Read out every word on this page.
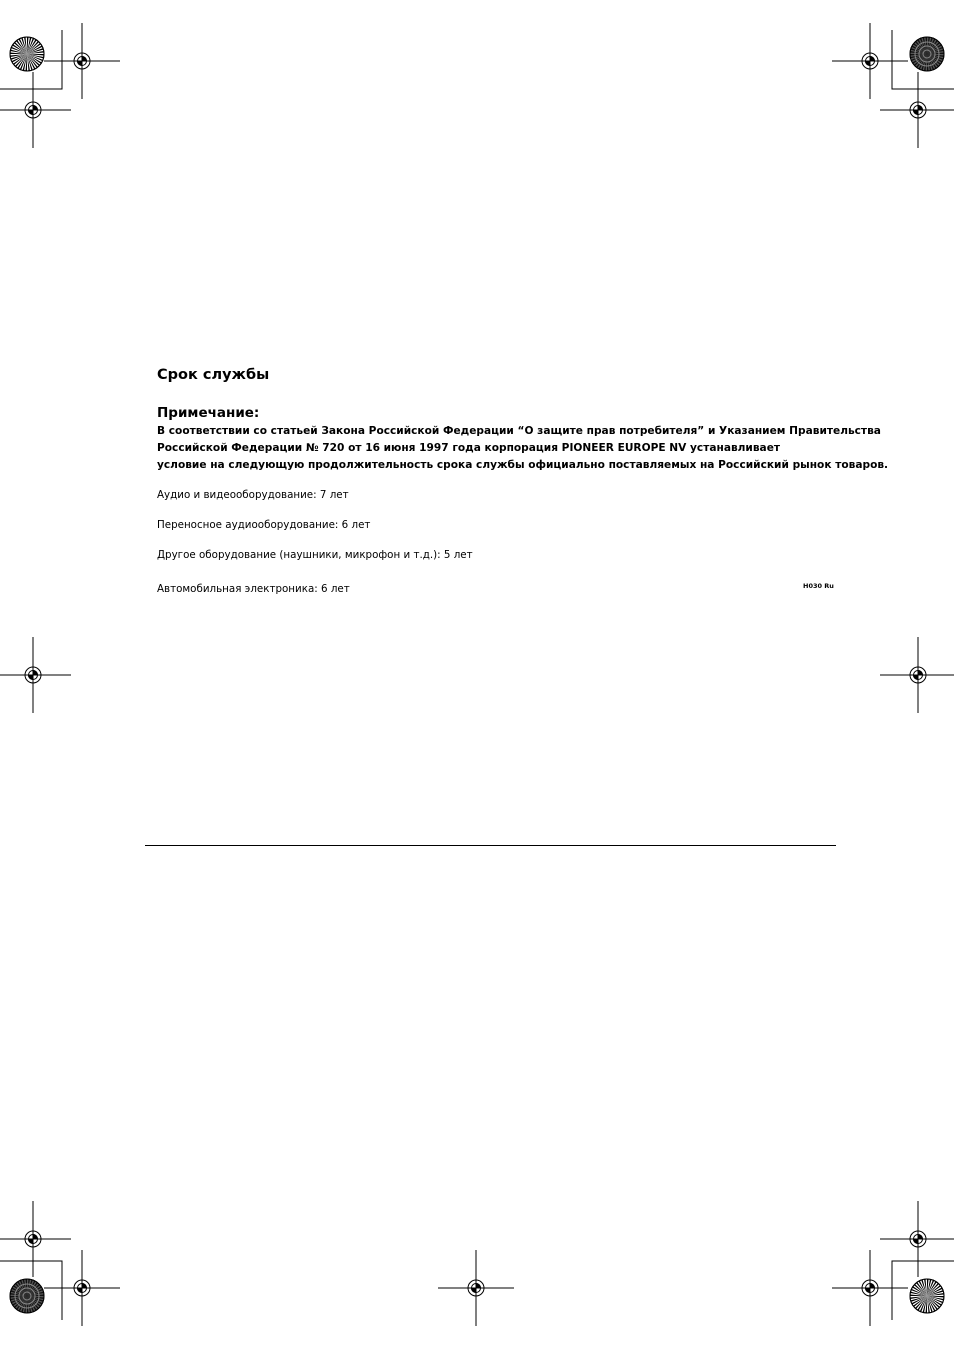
Срок службы
Примечание:
В соответствии со статьей Закона Российской Федерации “О защите прав потребителя” и Указанием Правительства
Российской Федерации № 720 от 16 июня 1997 года корпорация PIONEER EUROPE NV устанавливает
условие на следующую продолжительность срока службы официально поставляемых на Российский рынок товаров.
Аудио и видеооборудование: 7 лет
Переносное аудиооборудование: 6 лет
Другое оборудование (наушники, микрофон и т.д.): 5 лет
Автомобильная электроника: 6 лет	H030 Ru
